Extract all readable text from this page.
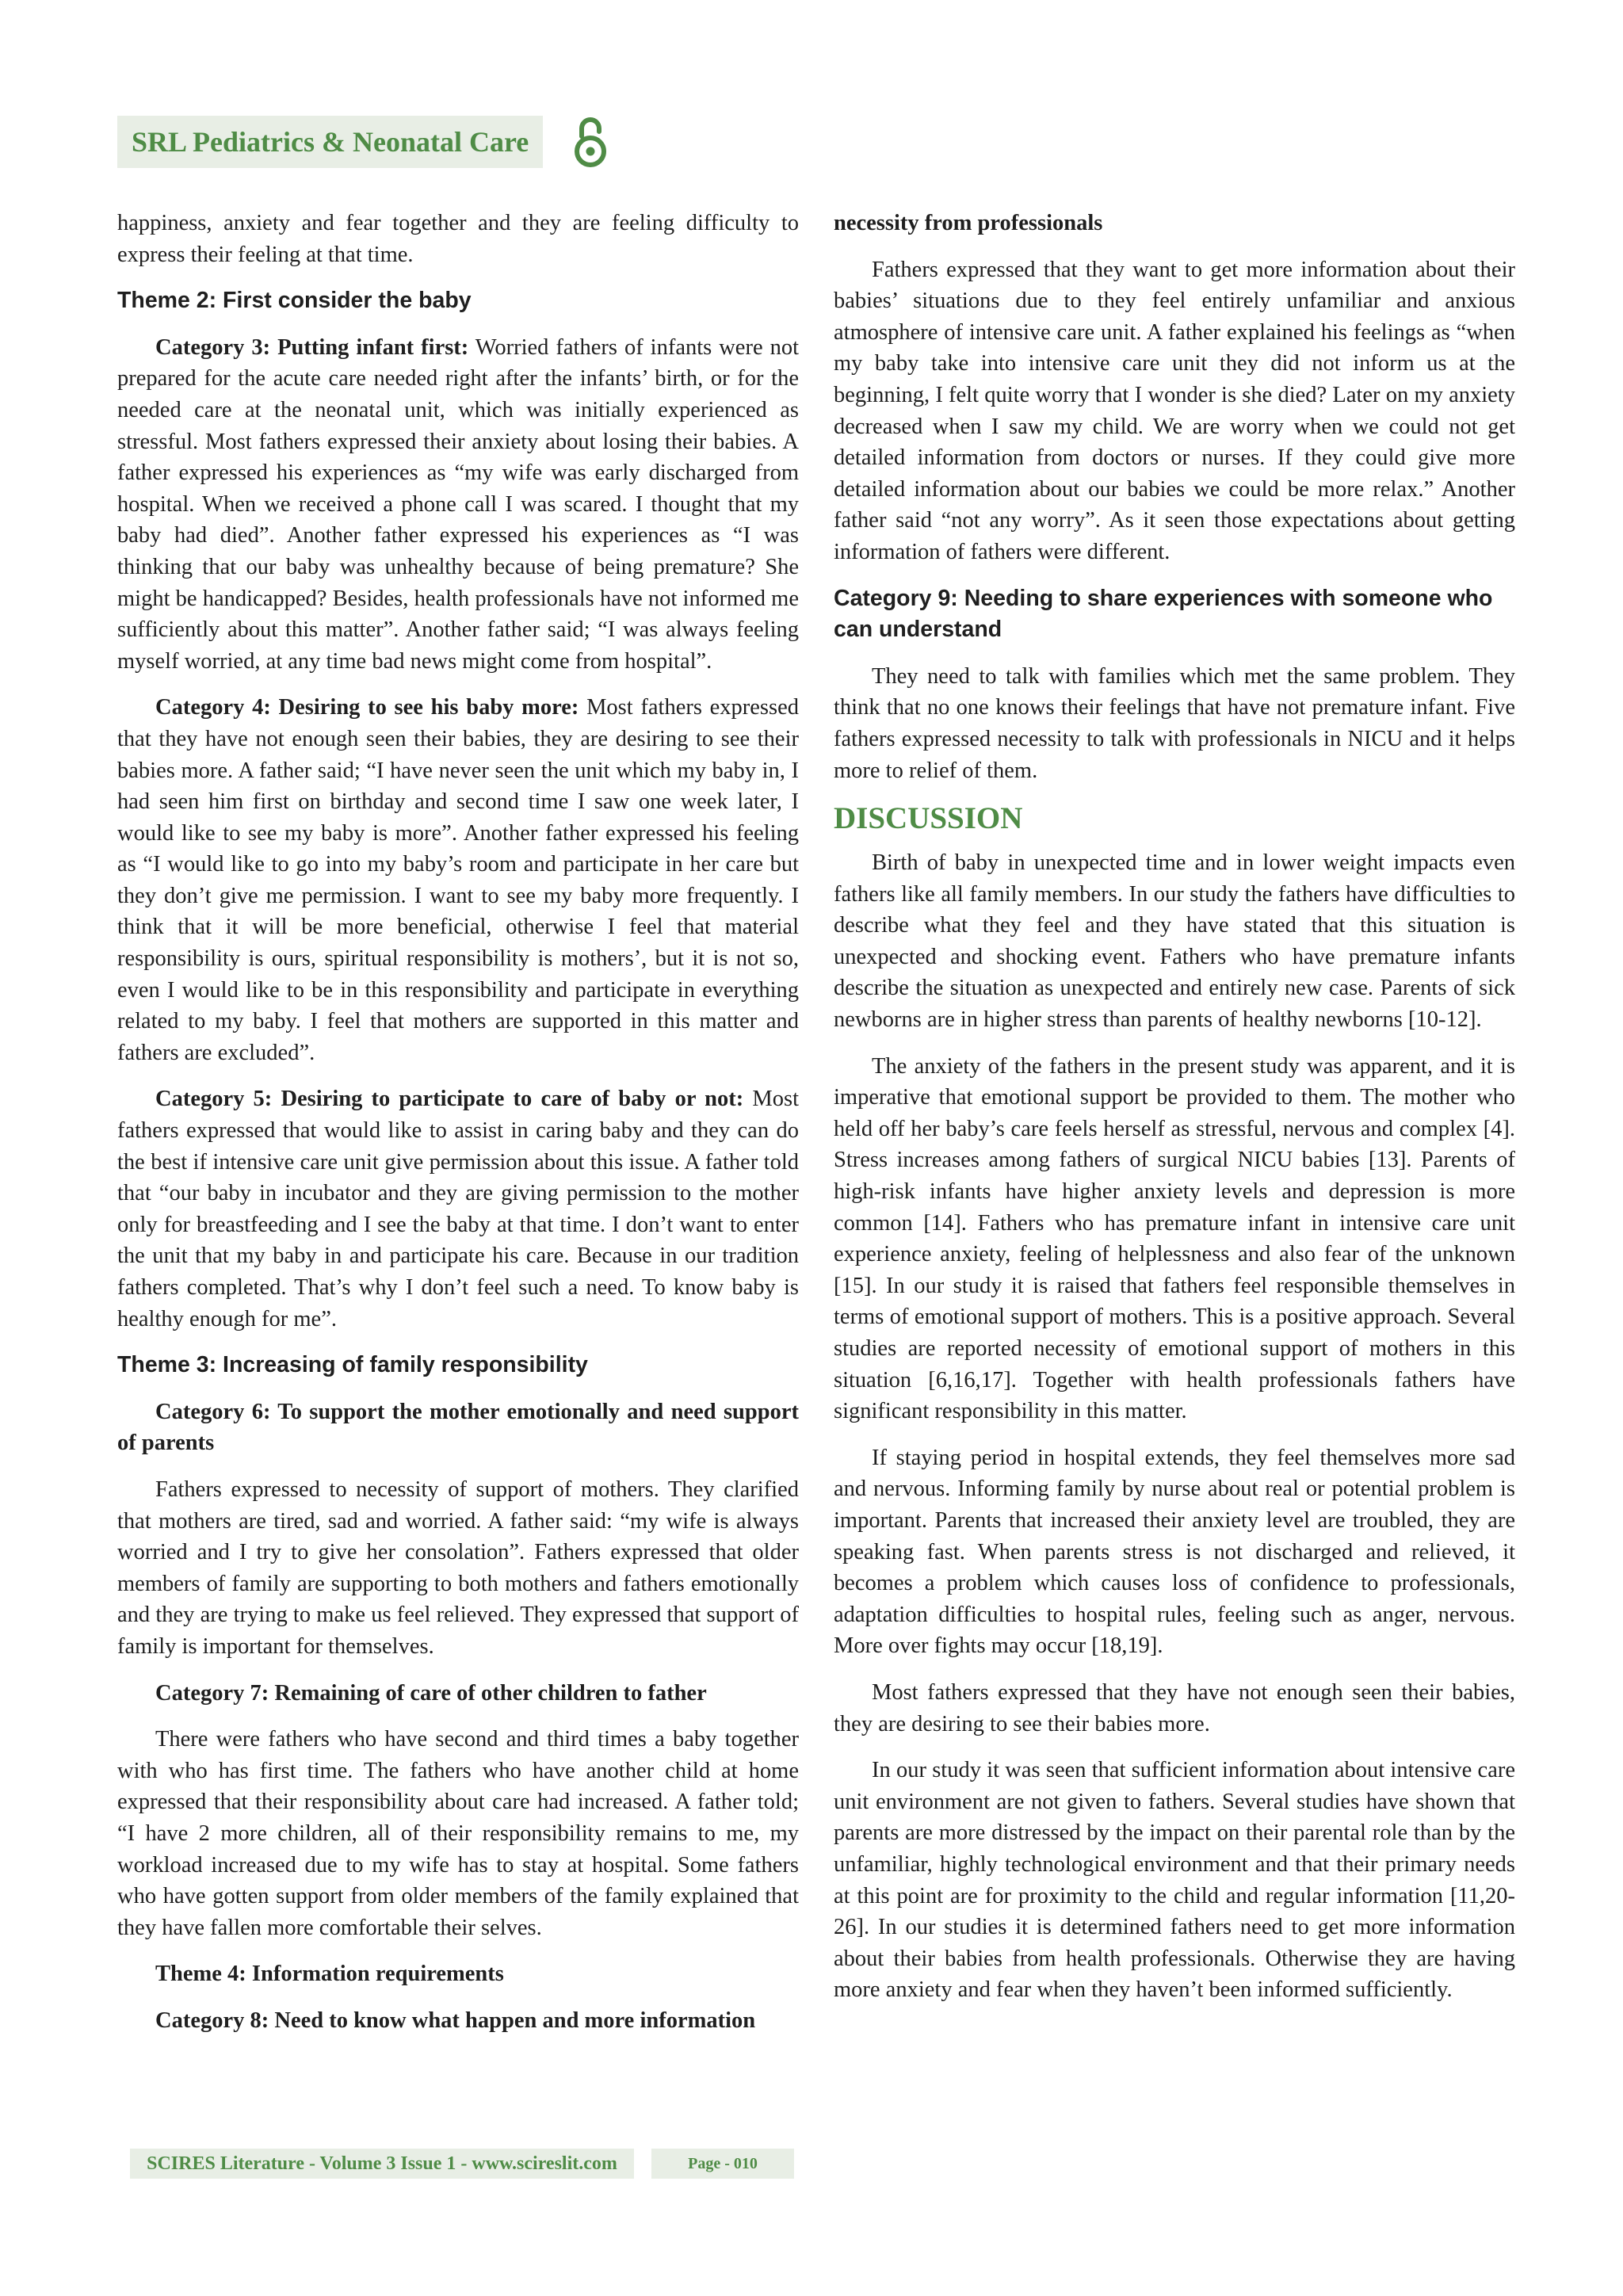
SRL Pediatrics & Neonatal Care

happiness, anxiety and fear together and they are feeling difficulty to express their feeling at that time.

Theme 2: First consider the baby

Category 3: Putting infant first: Worried fathers of infants were not prepared for the acute care needed right after the infants’ birth, or for the needed care at the neonatal unit, which was initially experienced as stressful. Most fathers expressed their anxiety about losing their babies. A father expressed his experiences as “my wife was early discharged from hospital. When we received a phone call I was scared. I thought that my baby had died”. Another father expressed his experiences as “I was thinking that our baby was unhealthy because of being premature? She might be handicapped? Besides, health professionals have not informed me sufficiently about this matter”. Another father said; “I was always feeling myself worried, at any time bad news might come from hospital”.

Category 4: Desiring to see his baby more: Most fathers expressed that they have not enough seen their babies, they are desiring to see their babies more. A father said; “I have never seen the unit which my baby in, I had seen him first on birthday and second time I saw one week later, I would like to see my baby is more”. Another father expressed his feeling as “I would like to go into my baby’s room and participate in her care but they don’t give me permission. I want to see my baby more frequently. I think that it will be more beneficial, otherwise I feel that material responsibility is ours, spiritual responsibility is mothers’, but it is not so, even I would like to be in this responsibility and participate in everything related to my baby. I feel that mothers are supported in this matter and fathers are excluded”.

Category 5: Desiring to participate to care of baby or not: Most fathers expressed that would like to assist in caring baby and they can do the best if intensive care unit give permission about this issue. A father told that “our baby in incubator and they are giving permission to the mother only for breastfeeding and I see the baby at that time. I don’t want to enter the unit that my baby in and participate his care. Because in our tradition fathers completed. That’s why I don’t feel such a need. To know baby is healthy enough for me”.

Theme 3: Increasing of family responsibility
Category 6: To support the mother emotionally and need support of parents

Fathers expressed to necessity of support of mothers. They clarified that mothers are tired, sad and worried. A father said: “my wife is always worried and I try to give her consolation”. Fathers expressed that older members of family are supporting to both mothers and fathers emotionally and they are trying to make us feel relieved. They expressed that support of family is important for themselves.

Category 7: Remaining of care of other children to father

There were fathers who have second and third times a baby together with who has first time. The fathers who have another child at home expressed that their responsibility about care had increased. A father told; “I have 2 more children, all of their responsibility remains to me, my workload increased due to my wife has to stay at hospital. Some fathers who have gotten support from older members of the family explained that they have fallen more comfortable their selves.

Theme 4: Information requirements
Category 8: Need to know what happen and more information
necessity from professionals

Fathers expressed that they want to get more information about their babies’ situations due to they feel entirely unfamiliar and anxious atmosphere of intensive care unit. A father explained his feelings as “when my baby take into intensive care unit they did not inform us at the beginning, I felt quite worry that I wonder is she died? Later on my anxiety decreased when I saw my child. We are worry when we could not get detailed information from doctors or nurses. If they could give more detailed information about our babies we could be more relax.” Another father said “not any worry”. As it seen those expectations about getting information of fathers were different.

Category 9: Needing to share experiences with someone who can understand

They need to talk with families which met the same problem. They think that no one knows their feelings that have not premature infant. Five fathers expressed necessity to talk with professionals in NICU and it helps more to relief of them.

DISCUSSION

Birth of baby in unexpected time and in lower weight impacts even fathers like all family members. In our study the fathers have difficulties to describe what they feel and they have stated that this situation is unexpected and shocking event. Fathers who have premature infants describe the situation as unexpected and entirely new case. Parents of sick newborns are in higher stress than parents of healthy newborns [10-12].

The anxiety of the fathers in the present study was apparent, and it is imperative that emotional support be provided to them. The mother who held off her baby’s care feels herself as stressful, nervous and complex [4]. Stress increases among fathers of surgical NICU babies [13]. Parents of high-risk infants have higher anxiety levels and depression is more common [14]. Fathers who has premature infant in intensive care unit experience anxiety, feeling of helplessness and also fear of the unknown [15]. In our study it is raised that fathers feel responsible themselves in terms of emotional support of mothers. This is a positive approach. Several studies are reported necessity of emotional support of mothers in this situation [6,16,17]. Together with health professionals fathers have significant responsibility in this matter.

If staying period in hospital extends, they feel themselves more sad and nervous. Informing family by nurse about real or potential problem is important. Parents that increased their anxiety level are troubled, they are speaking fast. When parents stress is not discharged and relieved, it becomes a problem which causes loss of confidence to professionals, adaptation difficulties to hospital rules, feeling such as anger, nervous. More over fights may occur [18,19].

Most fathers expressed that they have not enough seen their babies, they are desiring to see their babies more.

In our study it was seen that sufficient information about intensive care unit environment are not given to fathers. Several studies have shown that parents are more distressed by the impact on their parental role than by the unfamiliar, highly technological environment and that their primary needs at this point are for proximity to the child and regular information [11,20-26]. In our studies it is determined fathers need to get more information about their babies from health professionals. Otherwise they are having more anxiety and fear when they haven’t been informed sufficiently.

SCIRES Literature - Volume 3 Issue 1 - www.scireslit.com	Page - 010
